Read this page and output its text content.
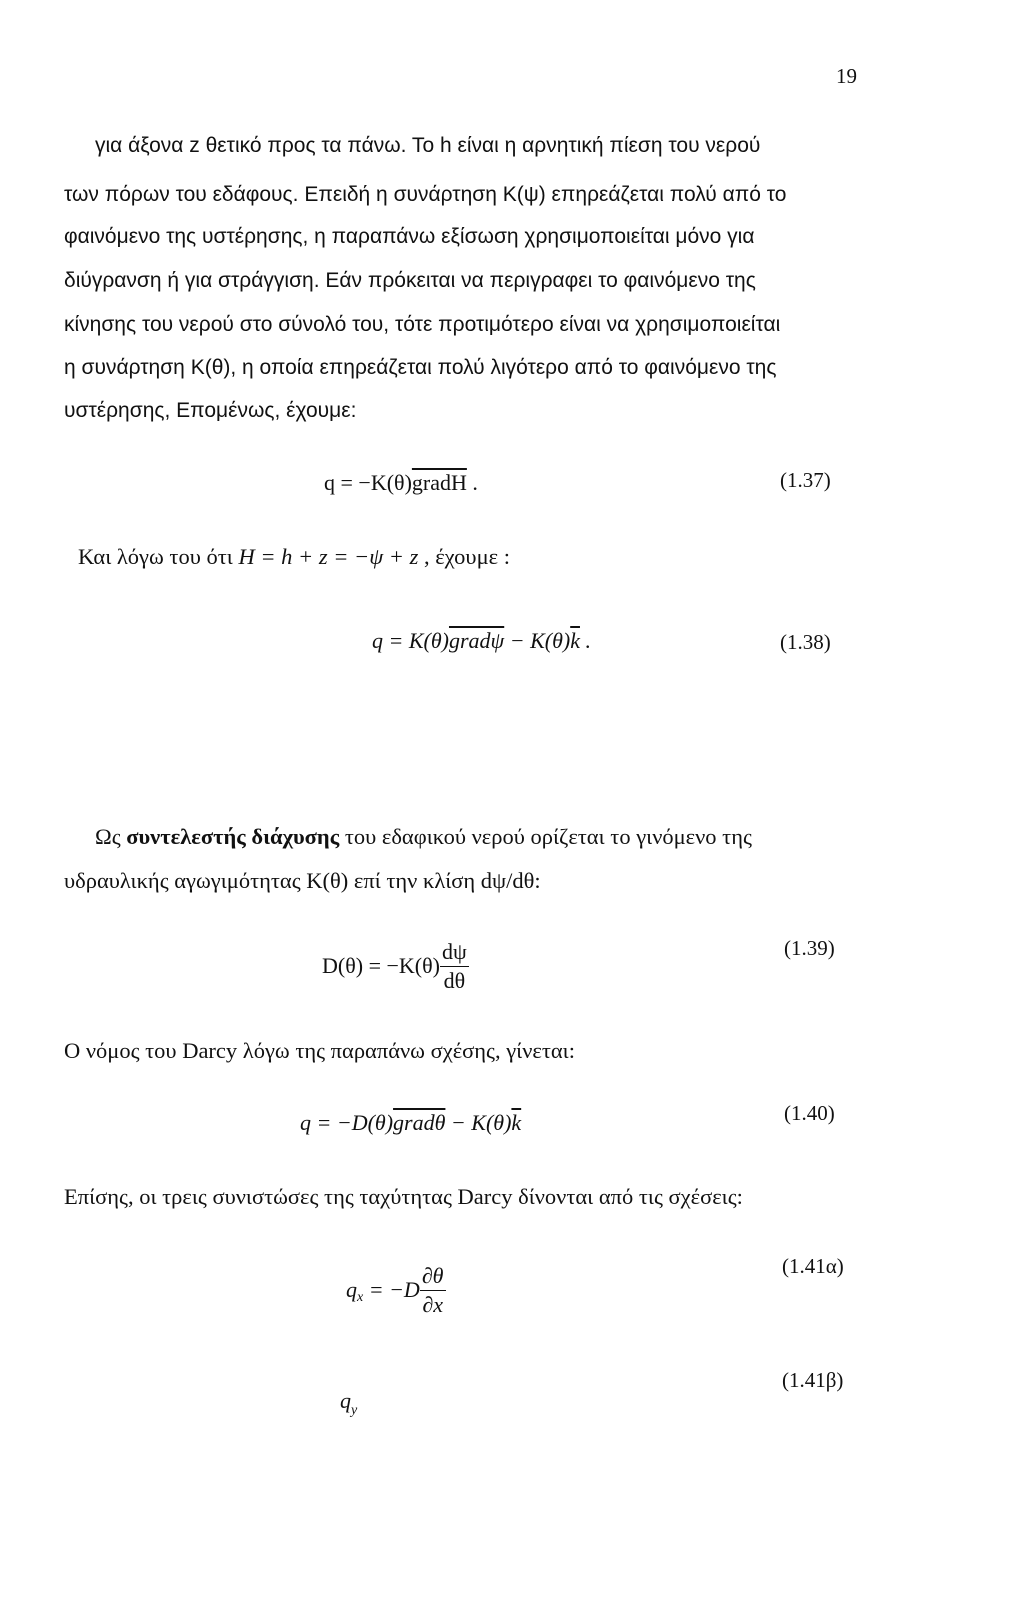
19
για άξονα z θετικό προς τα πάνω. Το h είναι η αρνητική πίεση του νερού
των πόρων του εδάφους. Επειδή η συνάρτηση Κ(ψ) επηρεάζεται πολύ από το
φαινόμενο της υστέρησης, η παραπάνω εξίσωση χρησιμοποιείται μόνο για
διύγρανση ή για στράγγιση. Εάν πρόκειται να περιγραφει το φαινόμενο της
κίνησης του νερού στο σύνολό του, τότε προτιμότερο είναι να χρησιμοποιείται
η συνάρτηση Κ(θ), η οποία επηρεάζεται πολύ λιγότερο από το φαινόμενο της
υστέρησης, Επομένως, έχουμε:
q = −K(θ)gradH .	(1.37)
Και λόγω του ότι H = h + z = −ψ + z , έχουμε :
q = K(θ)gradψ − $K(\theta)\overline{k}$ .	(1.38)
Ως συντελεστής διάχυσης του εδαφικού νερού ορίζεται το γινόμενο της
υδραυλικής αγωγιμότητας Κ(θ) επί την κλίση dψ/dθ:
$D(\theta) = -K(\theta) \frac{d\psi}{d\theta}$	(1.39)
Ο νόμος του Darcy λόγω της παραπάνω σχέσης, γίνεται:
q = −D(θ)gradθ − $K(\theta)\overline{k}$	(1.40)
Επίσης, οι τρεις συνιστώσες της ταχύτητας Darcy δίνονται από τις σχέσεις:
$q_x = -D \frac{\partial\theta}{\partial x}$	(1.41α)
$q_y$
(1.41β)
